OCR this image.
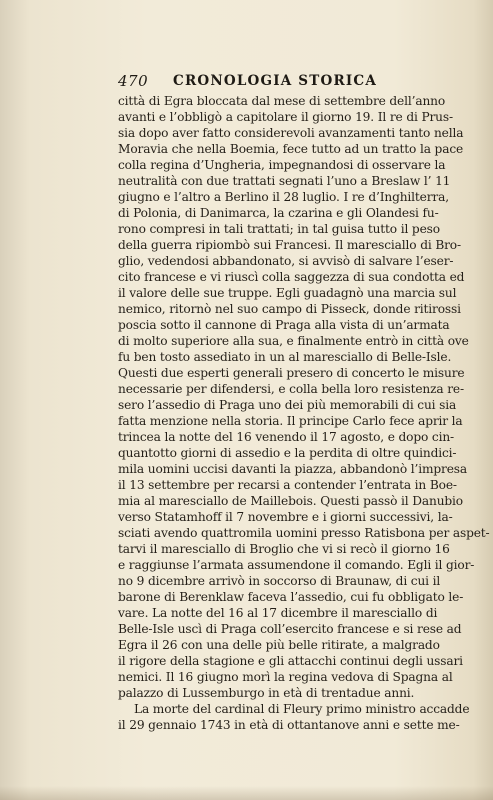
470 CRONOLOGIA STORICA
città di Egra bloccata dal mese di settembre dell’anno
avanti e l’obbligò a capitolare il giorno 19. Il re di Prus-
sia dopo aver fatto considerevoli avanzamenti tanto nella
Moravia che nella Boemia, fece tutto ad un tratto la pace
colla regina d’Ungheria, impegnandosi di osservare la
neutralità con due trattati segnati l’uno a Breslaw l’ 11
giugno e l’altro a Berlino il 28 luglio. I re d’Inghilterra,
di Polonia, di Danimarca, la czarina e gli Olandesi fu-
rono compresi in tali trattati; in tal guisa tutto il peso
della guerra ripiombò sui Francesi. Il maresciallo di Bro-
glio, vedendosi abbandonato, si avvisò di salvare l’eser-
cito francese e vi riuscì colla saggezza di sua condotta ed
il valore delle sue truppe. Egli guadagnò una marcia sul
nemico, ritornò nel suo campo di Pisseck, donde ritirossi
poscia sotto il cannone di Praga alla vista di un’armata
di molto superiore alla sua, e finalmente entrò in città ove
fu ben tosto assediato in un al maresciallo di Belle-Isle.
Questi due esperti generali presero di concerto le misure
necessarie per difendersi, e colla bella loro resistenza re-
sero l’assedio di Praga uno dei più memorabili di cui sia
fatta menzione nella storia. Il principe Carlo fece aprir la
trincea la notte del 16 venendo il 17 agosto, e dopo cin-
quantotto giorni di assedio e la perdita di oltre quindici-
mila uomini uccisi davanti la piazza, abbandonò l’impresa
il 13 settembre per recarsi a contender l’entrata in Boe-
mia al maresciallo de Maillebois. Questi passò il Danubio
verso Statamhoff il 7 novembre e i giorni successivi, la-
sciati avendo quattromila uomini presso Ratisbona per aspet-
tarvi il maresciallo di Broglio che vi si recò il giorno 16
e raggiunse l’armata assumendone il comando. Egli il gior-
no 9 dicembre arrivò in soccorso di Braunaw, di cui il
barone di Berenklaw faceva l’assedio, cui fu obbligato le-
vare. La notte del 16 al 17 dicembre il maresciallo di
Belle-Isle uscì di Praga coll’esercito francese e si rese ad
Egra il 26 con una delle più belle ritirate, a malgrado
il rigore della stagione e gli attacchi continui degli ussari
nemici. Il 16 giugno morì la regina vedova di Spagna al
palazzo di Lussemburgo in età di trentadue anni.
La morte del cardinal di Fleury primo ministro accadde
il 29 gennaio 1743 in età di ottantanove anni e sette me-
